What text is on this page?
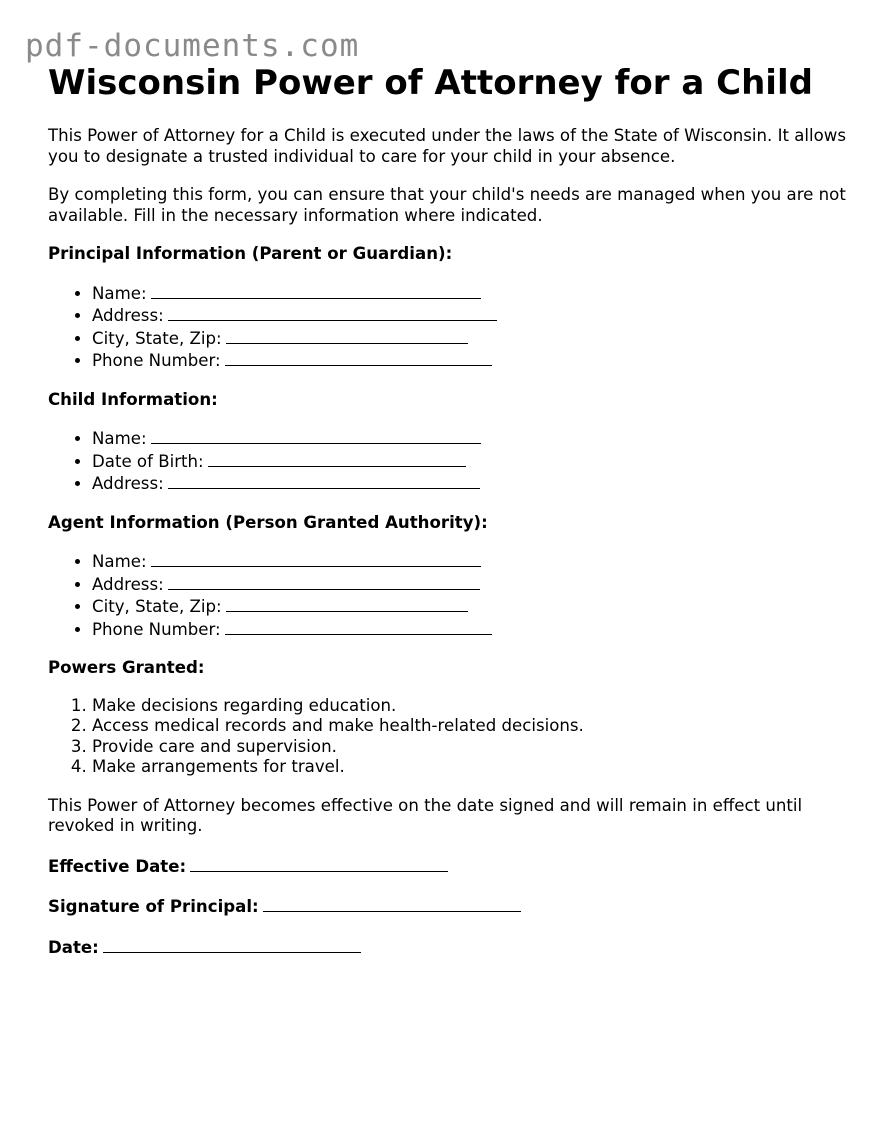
pdf-documents.com
Wisconsin Power of Attorney for a Child

This Power of Attorney for a Child is executed under the laws of the State of Wisconsin. It allows you to designate a trusted individual to care for your child in your absence.

By completing this form, you can ensure that your child's needs are managed when you are not available. Fill in the necessary information where indicated.

Principal Information (Parent or Guardian):
• Name:
• Address:
• City, State, Zip:
• Phone Number:
Child Information:
• Name:
• Date of Birth:
• Address:
Agent Information (Person Granted Authority):
• Name:
• Address:
• City, State, Zip:
• Phone Number:
Powers Granted:
1. Make decisions regarding education.
2. Access medical records and make health-related decisions.
3. Provide care and supervision.
4. Make arrangements for travel.

This Power of Attorney becomes effective on the date signed and will remain in effect until revoked in writing.

Effective Date:
Signature of Principal:
Date:
